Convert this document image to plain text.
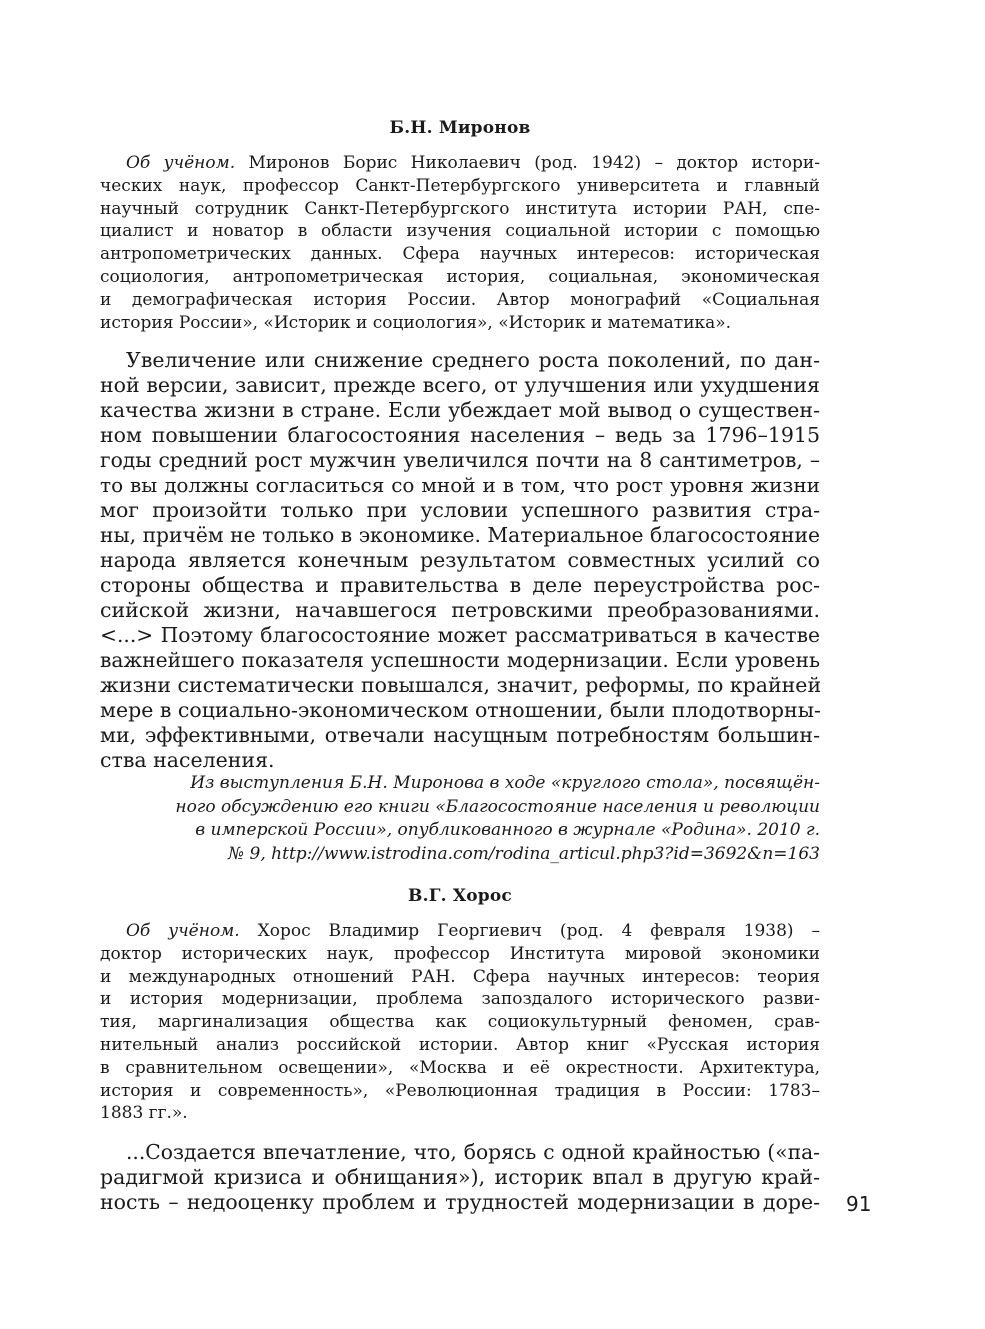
Б.Н. Миронов
Об учёном. Миронов Борис Николаевич (род. 1942) – доктор истори-
ческих наук, профессор Санкт-Петербургского университета и главный
научный сотрудник Санкт-Петербургского института истории РАН, спе-
циалист и новатор в области изучения социальной истории с помощью
антропометрических данных. Сфера научных интересов: историческая
социология, антропометрическая история, социальная, экономическая
и демографическая история России. Автор монографий «Социальная
история России», «Историк и социология», «Историк и математика».
Увеличение или снижение среднего роста поколений, по дан-
ной версии, зависит, прежде всего, от улучшения или ухудшения
качества жизни в стране. Если убеждает мой вывод о существен-
ном повышении благосостояния населения – ведь за 1796–1915
годы средний рост мужчин увеличился почти на 8 сантиметров, –
то вы должны согласиться со мной и в том, что рост уровня жизни
мог произойти только при условии успешного развития стра-
ны, причём не только в экономике. Материальное благосостояние
народа является конечным результатом совместных усилий со
стороны общества и правительства в деле переустройства рос-
сийской жизни, начавшегося петровскими преобразованиями.
<...> Поэтому благосостояние может рассматриваться в качестве
важнейшего показателя успешности модернизации. Если уровень
жизни систематически повышался, значит, реформы, по крайней
мере в социально-экономическом отношении, были плодотворны-
ми, эффективными, отвечали насущным потребностям большин-
ства населения.
Из выступления Б.Н. Миронова в ходе «круглого стола», посвящён-
ного обсуждению его книги «Благосостояние населения и революции
в имперской России», опубликованного в журнале «Родина». 2010 г.
№ 9, http://www.istrodina.com/rodina_articul.php3?id=3692&n=163
В.Г. Хорос
Об учёном. Хорос Владимир Георгиевич (род. 4 февраля 1938) –
доктор исторических наук, профессор Института мировой экономики
и международных отношений РАН. Сфера научных интересов: теория
и история модернизации, проблема запоздалого исторического разви-
тия, маргинализация общества как социокультурный феномен, срав-
нительный анализ российской истории. Автор книг «Русская история
в сравнительном освещении», «Москва и её окрестности. Архитектура,
история и современность», «Революционная традиция в России: 1783–
1883 гг.».
...Создается впечатление, что, борясь с одной крайностью («па-
радигмой кризиса и обнищания»), историк впал в другую край-
ность – недооценку проблем и трудностей модернизации в доре- 91
